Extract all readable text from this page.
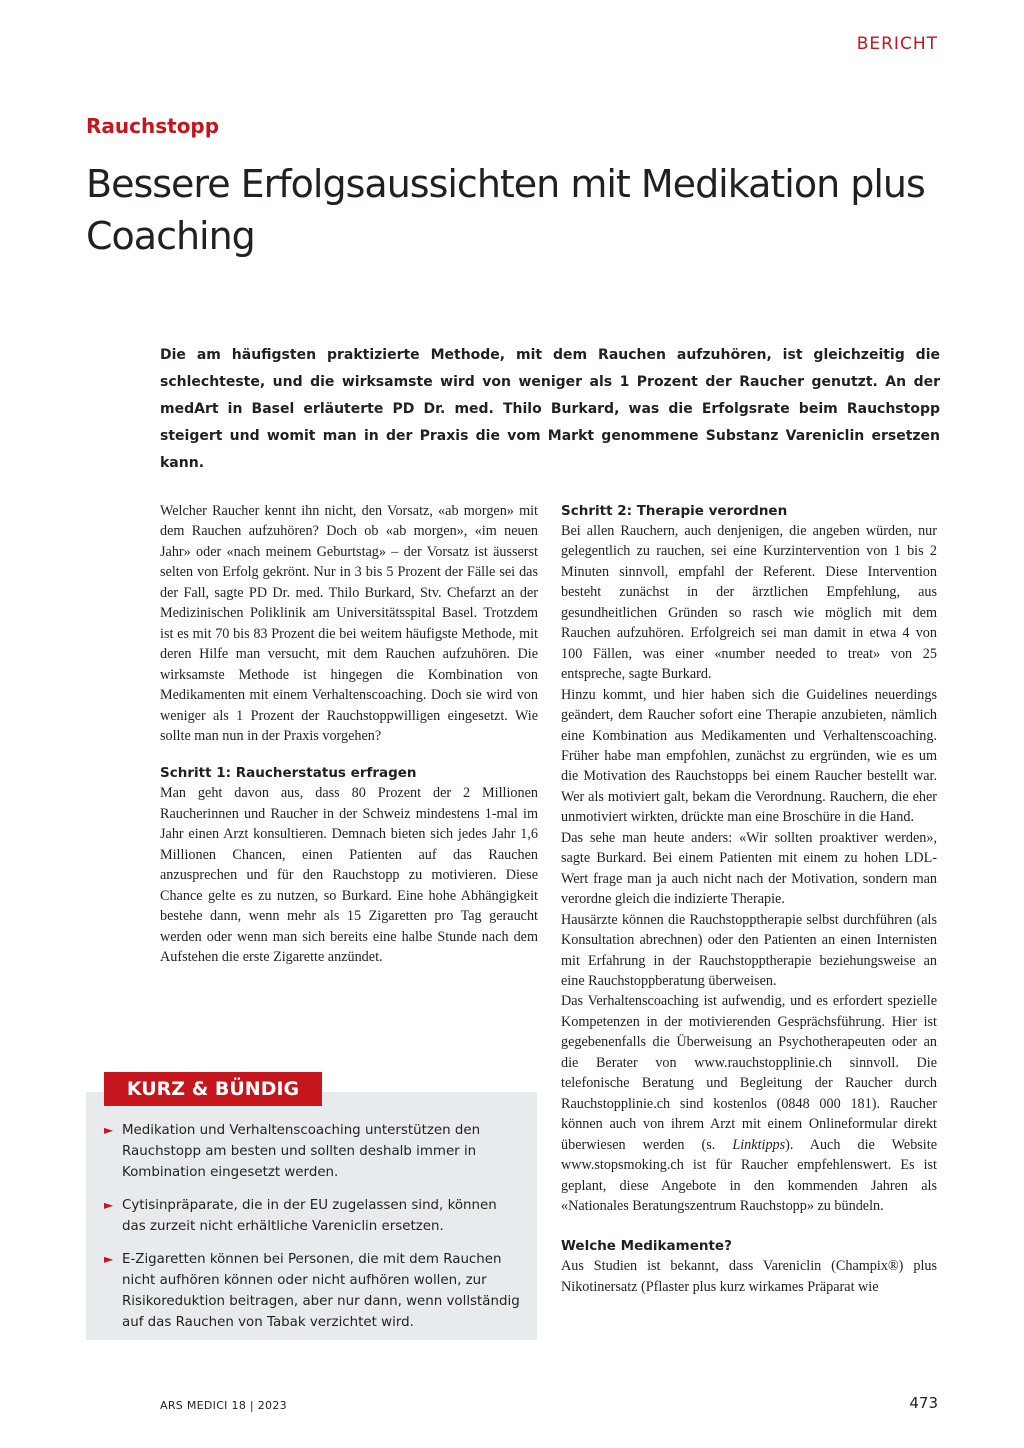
BERICHT
Rauchstopp
Bessere Erfolgsaussichten mit Medikation plus Coaching

Die am häufigsten praktizierte Methode, mit dem Rauchen aufzuhören, ist gleichzeitig die schlechteste, und die wirksamste wird von weniger als 1 Prozent der Raucher genutzt. An der medArt in Basel erläuterte PD Dr. med. Thilo Burkard, was die Erfolgsrate beim Rauchstopp steigert und womit man in der Praxis die vom Markt genommene Substanz Vareniclin ersetzen kann.

Welcher Raucher kennt ihn nicht, den Vorsatz, «ab morgen» mit dem Rauchen aufzuhören? Doch ob «ab morgen», «im neuen Jahr» oder «nach meinem Geburtstag» – der Vorsatz ist äusserst selten von Erfolg gekrönt. Nur in 3 bis 5 Prozent der Fälle sei das der Fall, sagte PD Dr. med. Thilo Burkard, Stv. Chefarzt an der Medizinischen Poliklinik am Universitätsspital Basel. Trotzdem ist es mit 70 bis 83 Prozent die bei weitem häufigste Methode, mit deren Hilfe man versucht, mit dem Rauchen aufzuhören. Die wirksamste Methode ist hingegen die Kombination von Medikamenten mit einem Verhaltenscoaching. Doch sie wird von weniger als 1 Prozent der Rauchstoppwilligen eingesetzt. Wie sollte man nun in der Praxis vorgehen?

Schritt 1: Raucherstatus erfragen

Man geht davon aus, dass 80 Prozent der 2 Millionen Raucherinnen und Raucher in der Schweiz mindestens 1-mal im Jahr einen Arzt konsultieren. Demnach bieten sich jedes Jahr 1,6 Millionen Chancen, einen Patienten auf das Rauchen anzusprechen und für den Rauchstopp zu motivieren. Diese Chance gelte es zu nutzen, so Burkard. Eine hohe Abhängigkeit bestehe dann, wenn mehr als 15 Zigaretten pro Tag geraucht werden oder wenn man sich bereits eine halbe Stunde nach dem Aufstehen die erste Zigarette anzündet.

Schritt 2: Therapie verordnen

Bei allen Rauchern, auch denjenigen, die angeben würden, nur gelegentlich zu rauchen, sei eine Kurzintervention von 1 bis 2 Minuten sinnvoll, empfahl der Referent. Diese Intervention besteht zunächst in der ärztlichen Empfehlung, aus gesundheitlichen Gründen so rasch wie möglich mit dem Rauchen aufzuhören. Erfolgreich sei man damit in etwa 4 von 100 Fällen, was einer «number needed to treat» von 25 entspreche, sagte Burkard.

Hinzu kommt, und hier haben sich die Guidelines neuerdings geändert, dem Raucher sofort eine Therapie anzubieten, nämlich eine Kombination aus Medikamenten und Verhaltenscoaching. Früher habe man empfohlen, zunächst zu ergründen, wie es um die Motivation des Rauchstopps bei einem Raucher bestellt war. Wer als motiviert galt, bekam die Verordnung. Rauchern, die eher unmotiviert wirkten, drückte man eine Broschüre in die Hand.

Das sehe man heute anders: «Wir sollten proaktiver werden», sagte Burkard. Bei einem Patienten mit einem zu hohen LDL-Wert frage man ja auch nicht nach der Motivation, sondern man verordne gleich die indizierte Therapie.

Hausärzte können die Rauchstopptherapie selbst durchführen (als Konsultation abrechnen) oder den Patienten an einen Internisten mit Erfahrung in der Rauchstopptherapie beziehungsweise an eine Rauchstoppberatung überweisen.

Das Verhaltenscoaching ist aufwendig, und es erfordert spezielle Kompetenzen in der motivierenden Gesprächsführung. Hier ist gegebenenfalls die Überweisung an Psychotherapeuten oder an die Berater von www.rauchstopplinie.ch sinnvoll. Die telefonische Beratung und Begleitung der Raucher durch Rauchstopplinie.ch sind kostenlos (0848 000 181). Raucher können auch von ihrem Arzt mit einem Onlineformular direkt überwiesen werden (s. Linktipps). Auch die Website www.stopsmoking.ch ist für Raucher empfehlenswert. Es ist geplant, diese Angebote in den kommenden Jahren als «Nationales Beratungszentrum Rauchstopp» zu bündeln.

Welche Medikamente?

Aus Studien ist bekannt, dass Vareniclin (Champix®) plus Nikotinersatz (Pflaster plus kurz wirkames Präparat wie

KURZ & BÜNDIG
► Medikation und Verhaltenscoaching unterstützen den Rauchstopp am besten und sollten deshalb immer in Kombination eingesetzt werden.
► Cytisinpräparate, die in der EU zugelassen sind, können das zurzeit nicht erhältliche Vareniclin ersetzen.
► E-Zigaretten können bei Personen, die mit dem Rauchen nicht aufhören können oder nicht aufhören wollen, zur Risikoreduktion beitragen, aber nur dann, wenn vollständig auf das Rauchen von Tabak verzichtet wird.
ARS MEDICI 18 | 2023	473
